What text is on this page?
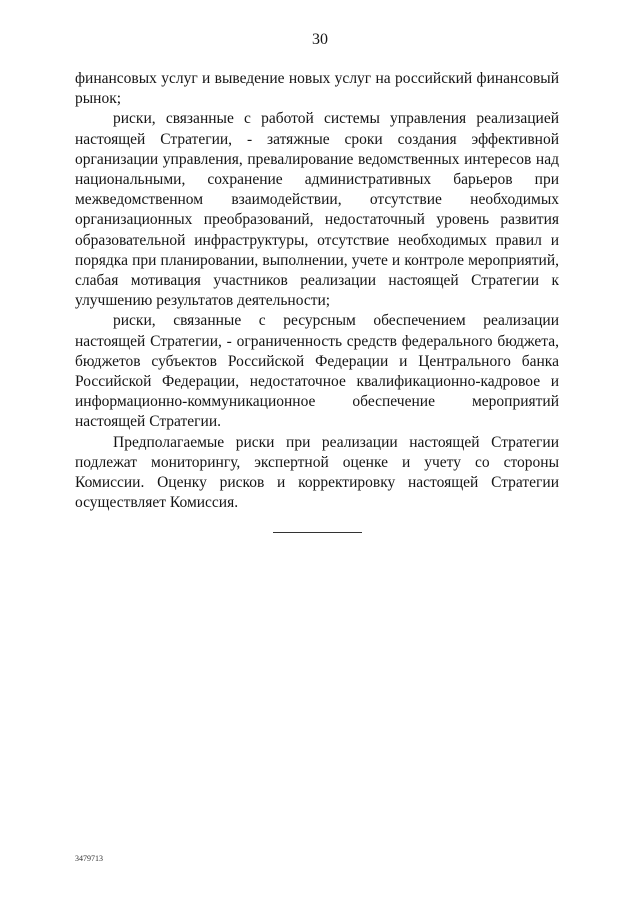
30

финансовых услуг и выведение новых услуг на российский финансовый рынок;

риски, связанные с работой системы управления реализацией настоящей Стратегии, - затяжные сроки создания эффективной организации управления, превалирование ведомственных интересов над национальными, сохранение административных барьеров при межведомственном взаимодействии, отсутствие необходимых организационных преобразований, недостаточный уровень развития образовательной инфраструктуры, отсутствие необходимых правил и порядка при планировании, выполнении, учете и контроле мероприятий, слабая мотивация участников реализации настоящей Стратегии к улучшению результатов деятельности;

риски, связанные с ресурсным обеспечением реализации настоящей Стратегии, - ограниченность средств федерального бюджета, бюджетов субъектов Российской Федерации и Центрального банка Российской Федерации, недостаточное квалификационно-кадровое и информационно-коммуникационное обеспечение мероприятий настоящей Стратегии.

Предполагаемые риски при реализации настоящей Стратегии подлежат мониторингу, экспертной оценке и учету со стороны Комиссии. Оценку рисков и корректировку настоящей Стратегии осуществляет Комиссия.

3479713
